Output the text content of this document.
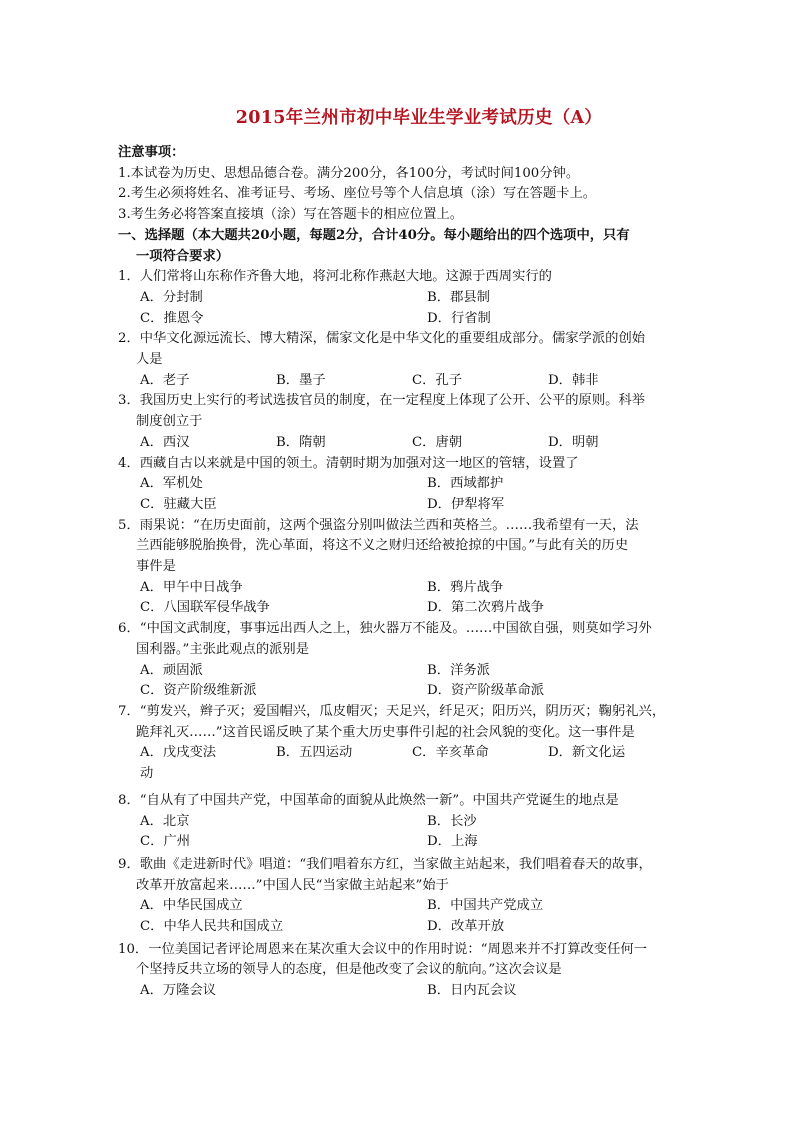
2015年兰州市初中毕业生学业考试历史（A）
注意事项：
1.本试卷为历史、思想品德合卷。满分200分，各100分，考试时间100分钟。
2.考生必须将姓名、准考证号、考场、座位号等个人信息填（涂）写在答题卡上。
3.考生务必将答案直接填（涂）写在答题卡的相应位置上。
一、选择题（本大题共20小题，每题2分，合计40分。每小题给出的四个选项中，只有
一项符合要求）
1．人们常将山东称作齐鲁大地，将河北称作燕赵大地。这源于西周实行的
A．分封制	B．郡县制
C．推恩令	D．行省制
2．中华文化源远流长、博大精深，儒家文化是中华文化的重要组成部分。儒家学派的创始
人是
A．老子	B．墨子	C．孔子	D．韩非
3．我国历史上实行的考试选拔官员的制度，在一定程度上体现了公开、公平的原则。科举
制度创立于
A．西汉	B．隋朝	C．唐朝	D．明朝
4．西藏自古以来就是中国的领土。清朝时期为加强对这一地区的管辖，设置了
A．军机处	B．西域都护
C．驻藏大臣	D．伊犁将军
5．雨果说：“在历史面前，这两个强盗分别叫做法兰西和英格兰。……我希望有一天，法
兰西能够脱胎换骨，洗心革面，将这不义之财归还给被抢掠的中国。”与此有关的历史
事件是
A．甲午中日战争	B．鸦片战争
C．八国联军侵华战争	D．第二次鸦片战争
6．“中国文武制度，事事远出西人之上，独火器万不能及。……中国欲自强，则莫如学习外
国利器。”主张此观点的派别是
A．顽固派	B．洋务派
C．资产阶级维新派	D．资产阶级革命派
7．“剪发兴，辫子灭；爱国帽兴，瓜皮帽灭；天足兴，纤足灭；阳历兴，阴历灭；鞠躬礼兴，
跪拜礼灭……”这首民谣反映了某个重大历史事件引起的社会风貌的变化。这一事件是
A．戊戌变法	B．五四运动	C．辛亥革命	D．新文化运
动
8．“自从有了中国共产党，中国革命的面貌从此焕然一新”。中国共产党诞生的地点是
A．北京	B．长沙
C．广州	D．上海
9．歌曲《走进新时代》唱道：“我们唱着东方红，当家做主站起来，我们唱着春天的故事，
改革开放富起来……”中国人民“当家做主站起来”始于
A．中华民国成立	B．中国共产党成立
C．中华人民共和国成立	D．改革开放
10．一位美国记者评论周恩来在某次重大会议中的作用时说：“周恩来并不打算改变任何一
个坚持反共立场的领导人的态度，但是他改变了会议的航向。”这次会议是
A．万隆会议	B．日内瓦会议
